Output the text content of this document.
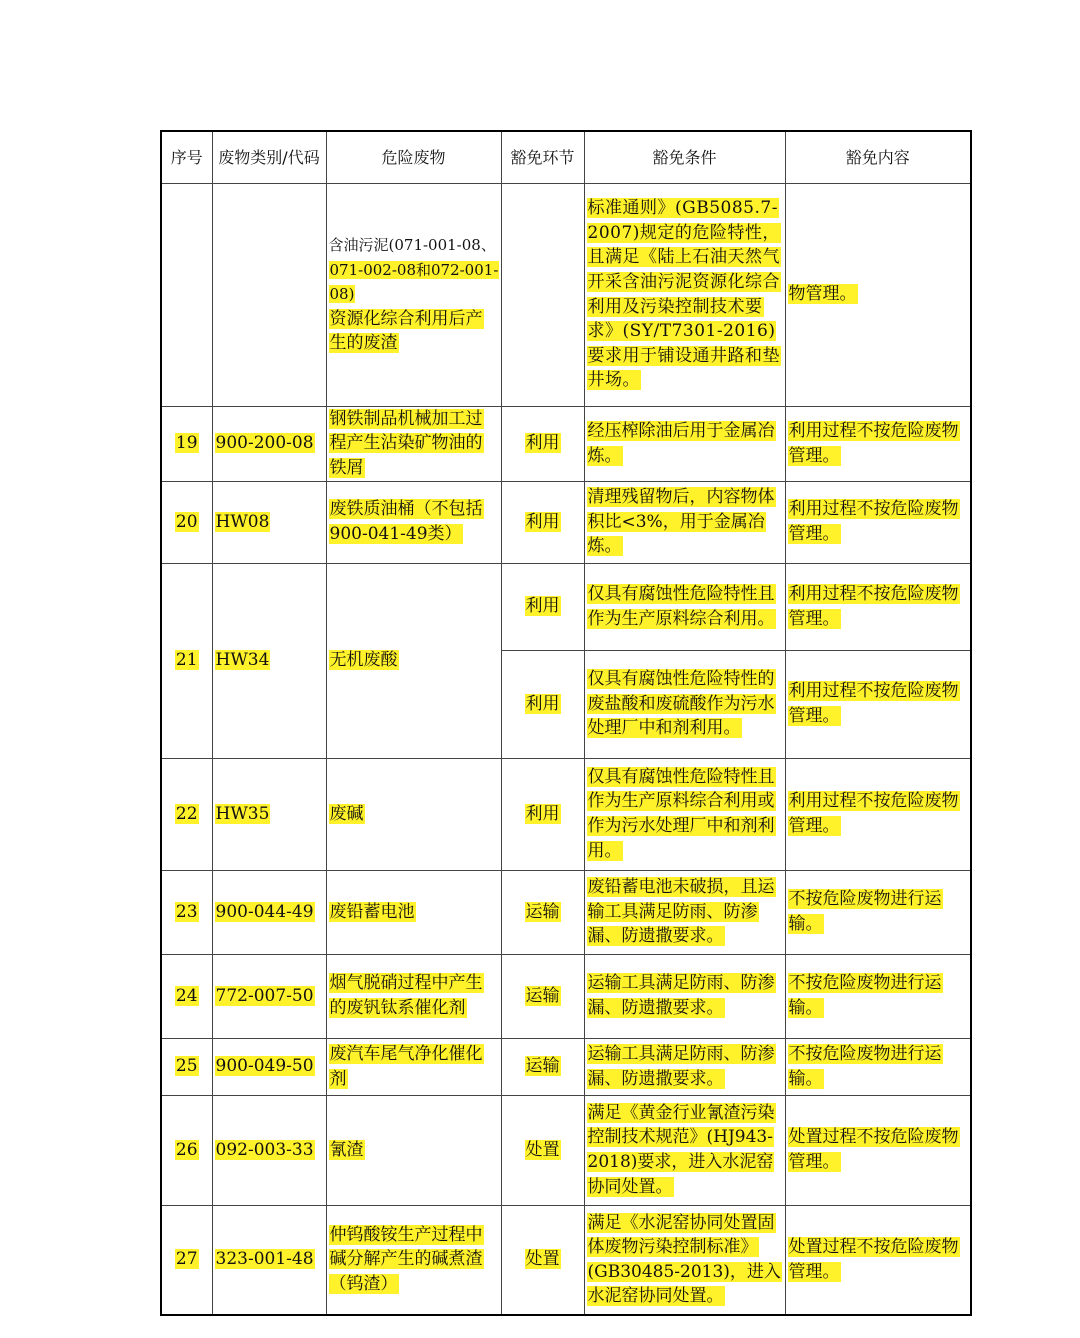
序号	废物类别/代码	危险废物	豁免环节	豁免条件	豁免内容

		含油污泥(071-001-08、
071-002-08和072-001-08)
资源化综合利用后产
生的废渣		标准通则》(GB5085.7-2007)规定的危险特性，且满足《陆上石油天然气开采含油污泥资源化综合利用及污染控制技术要求》(SY/T7301-2016)要求用于铺设通井路和垫井场。	物管理。
19	900-200-08	钢铁制品机械加工过程产生沾染矿物油的铁屑	利用	经压榨除油后用于金属冶炼。	利用过程不按危险废物管理。
20	HW08	废铁质油桶（不包括900-041-49类）	利用	清理残留物后，内容物体积比<3%，用于金属冶炼。	利用过程不按危险废物管理。
21	HW34	无机废酸	利用	仅具有腐蚀性危险特性且作为生产原料综合利用。	利用过程不按危险废物管理。
			利用	仅具有腐蚀性危险特性的废盐酸和废硫酸作为污水处理厂中和剂利用。	利用过程不按危险废物管理。
22	HW35	废碱	利用	仅具有腐蚀性危险特性且作为生产原料综合利用或作为污水处理厂中和剂利用。	利用过程不按危险废物管理。
23	900-044-49	废铅蓄电池	运输	废铅蓄电池未破损，且运输工具满足防雨、防渗漏、防遗撒要求。	不按危险废物进行运输。
24	772-007-50	烟气脱硝过程中产生的废钒钛系催化剂	运输	运输工具满足防雨、防渗漏、防遗撒要求。	不按危险废物进行运输。
25	900-049-50	废汽车尾气净化催化剂	运输	运输工具满足防雨、防渗漏、防遗撒要求。	不按危险废物进行运输。
26	092-003-33	氰渣	处置	满足《黄金行业氰渣污染控制技术规范》(HJ943-2018)要求，进入水泥窑协同处置。	处置过程不按危险废物管理。
27	323-001-48	仲钨酸铵生产过程中碱分解产生的碱煮渣（钨渣）	处置	满足《水泥窑协同处置固体废物污染控制标准》(GB30485-2013)，进入水泥窑协同处置。	处置过程不按危险废物管理。
